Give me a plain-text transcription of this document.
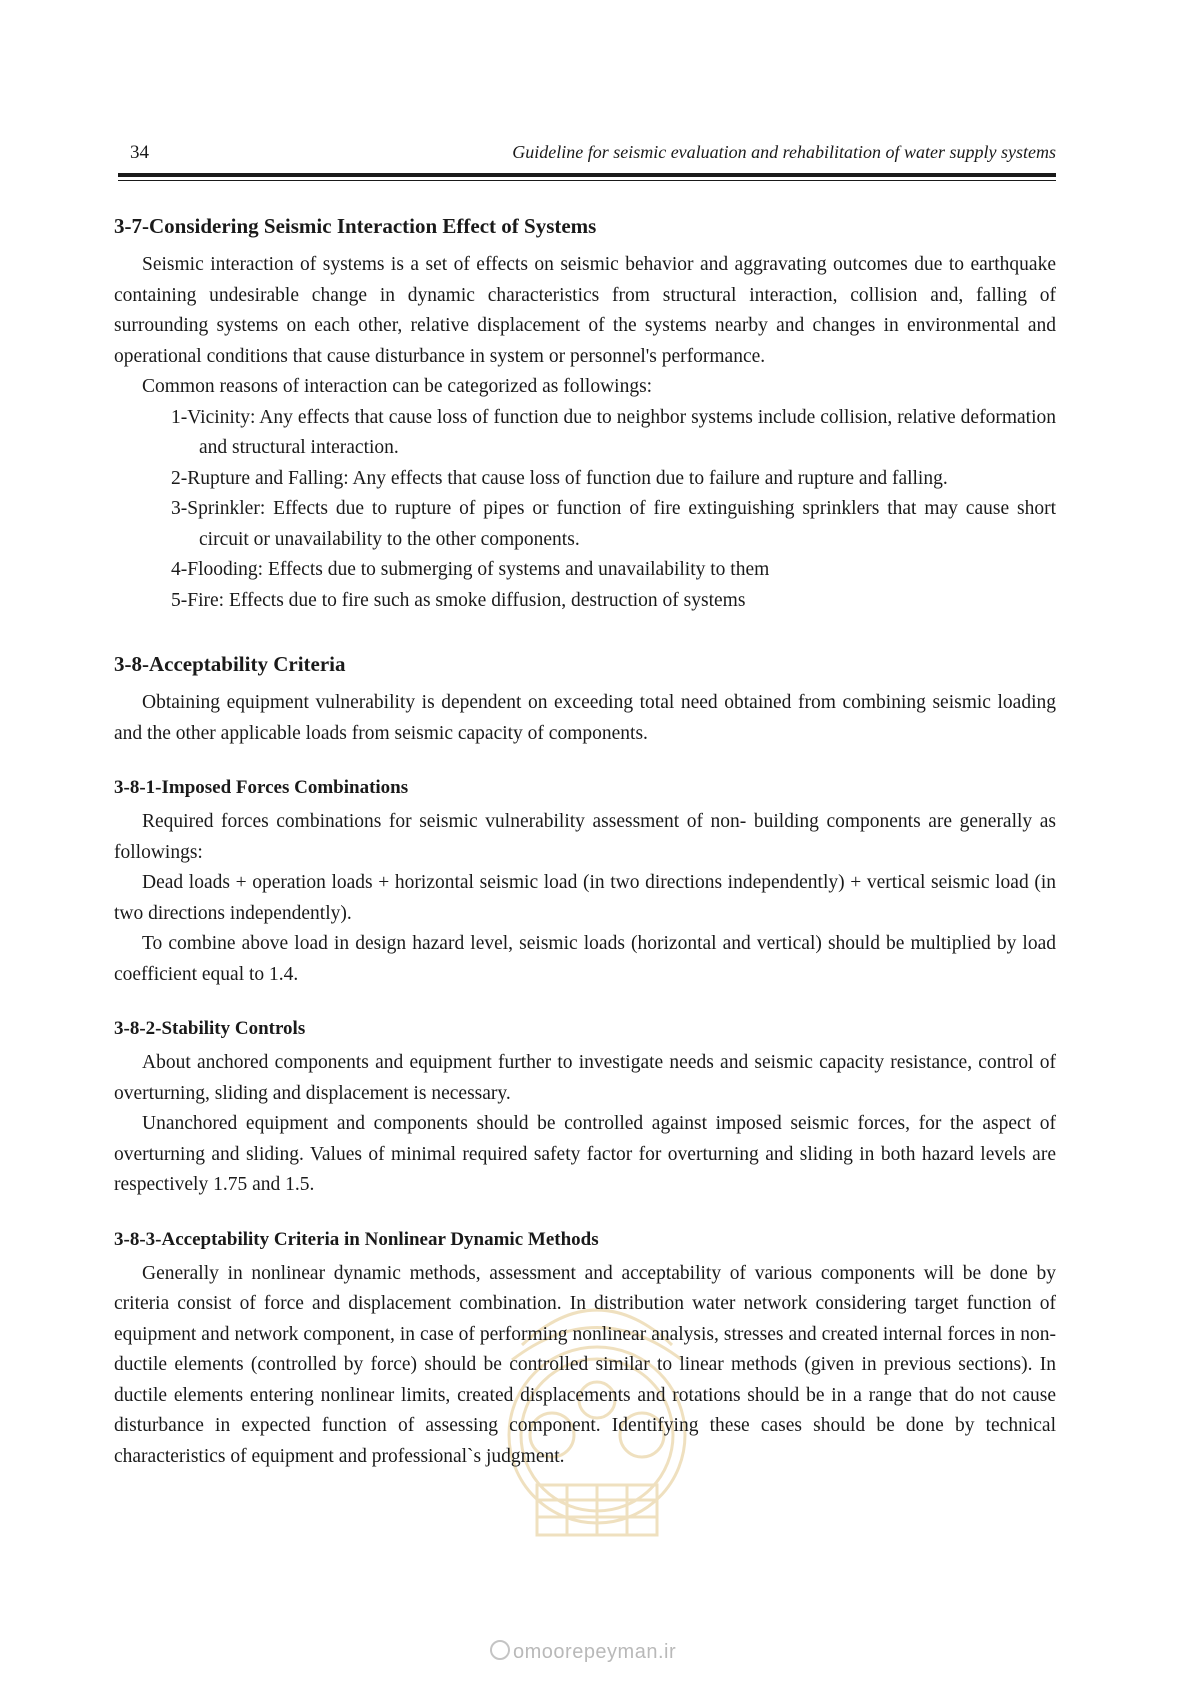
34	Guideline for seismic evaluation and rehabilitation of water supply systems
3-7-Considering Seismic Interaction Effect of Systems

Seismic interaction of systems is a set of effects on seismic behavior and aggravating outcomes due to earthquake containing undesirable change in dynamic characteristics from structural interaction, collision and, falling of surrounding systems on each other, relative displacement of the systems nearby and changes in environmental and operational conditions that cause disturbance in system or personnel's performance.

Common reasons of interaction can be categorized as followings:

1-Vicinity: Any effects that cause loss of function due to neighbor systems include collision, relative deformation and structural interaction.
2-Rupture and Falling: Any effects that cause loss of function due to failure and rupture and falling.
3-Sprinkler: Effects due to rupture of pipes or function of fire extinguishing sprinklers that may cause short circuit or unavailability to the other components.
4-Flooding: Effects due to submerging of systems and unavailability to them
5-Fire: Effects due to fire such as smoke diffusion, destruction of systems
3-8-Acceptability Criteria

Obtaining equipment vulnerability is dependent on exceeding total need obtained from combining seismic loading and the other applicable loads from seismic capacity of components.

3-8-1-Imposed Forces Combinations

Required forces combinations for seismic vulnerability assessment of non- building components are generally as followings:

Dead loads + operation loads + horizontal seismic load (in two directions independently) + vertical seismic load (in two directions independently).

To combine above load in design hazard level, seismic loads (horizontal and vertical) should be multiplied by load coefficient equal to 1.4.

3-8-2-Stability Controls

About anchored components and equipment further to investigate needs and seismic capacity resistance, control of overturning, sliding and displacement is necessary.

Unanchored equipment and components should be controlled against imposed seismic forces, for the aspect of overturning and sliding. Values of minimal required safety factor for overturning and sliding in both hazard levels are respectively 1.75 and 1.5.

3-8-3-Acceptability Criteria in Nonlinear Dynamic Methods

Generally in nonlinear dynamic methods, assessment and acceptability of various components will be done by criteria consist of force and displacement combination. In distribution water network considering target function of equipment and network component, in case of performing nonlinear analysis, stresses and created internal forces in non-ductile elements (controlled by force) should be controlled similar to linear methods (given in previous sections). In ductile elements entering nonlinear limits, created displacements and rotations should be in a range that do not cause disturbance in expected function of assessing component. Identifying these cases should be done by technical characteristics of equipment and professional`s judgment.

omoorepeyman.ir
